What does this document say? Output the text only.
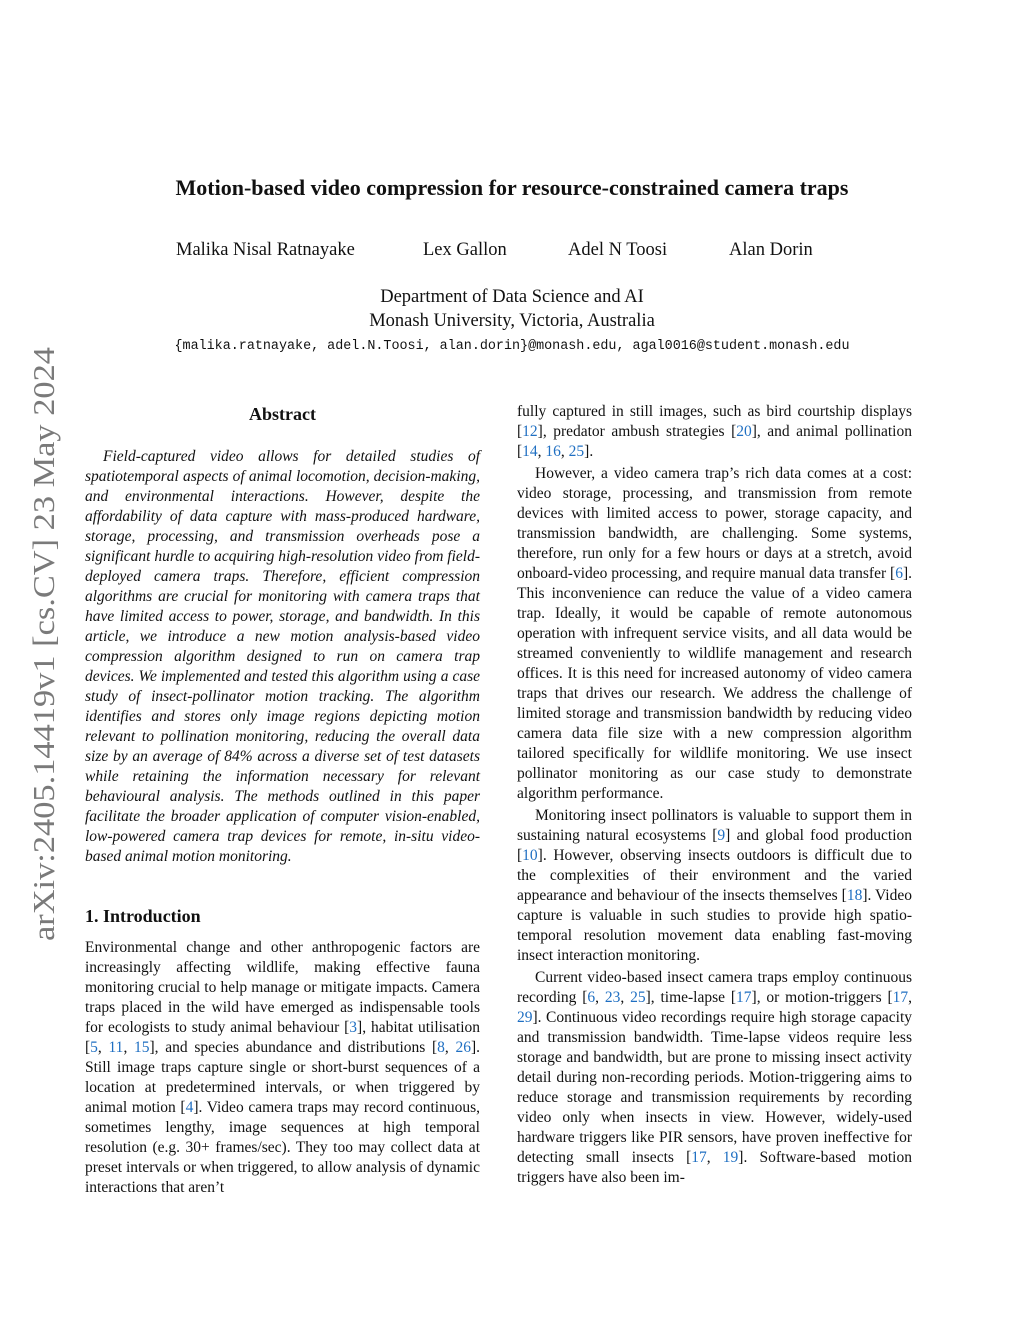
arXiv:2405.14419v1 [cs.CV] 23 May 2024
Motion-based video compression for resource-constrained camera traps
Malika Nisal Ratnayake	Lex Gallon	Adel N Toosi	Alan Dorin
Department of Data Science and AI
Monash University, Victoria, Australia
{malika.ratnayake, adel.N.Toosi, alan.dorin}@monash.edu, agal0016@student.monash.edu
Abstract

Field-captured video allows for detailed studies of spatiotemporal aspects of animal locomotion, decision-making, and environmental interactions. However, despite the affordability of data capture with mass-produced hardware, storage, processing, and transmission overheads pose a significant hurdle to acquiring high-resolution video from field-deployed camera traps. Therefore, efficient compression algorithms are crucial for monitoring with camera traps that have limited access to power, storage, and bandwidth. In this article, we introduce a new motion analysis-based video compression algorithm designed to run on camera trap devices. We implemented and tested this algorithm using a case study of insect-pollinator motion tracking. The algorithm identifies and stores only image regions depicting motion relevant to pollination monitoring, reducing the overall data size by an average of 84% across a diverse set of test datasets while retaining the information necessary for relevant behavioural analysis. The methods outlined in this paper facilitate the broader application of computer vision-enabled, low-powered camera trap devices for remote, in-situ video-based animal motion monitoring.

1. Introduction

Environmental change and other anthropogenic factors are increasingly affecting wildlife, making effective fauna monitoring crucial to help manage or mitigate impacts. Camera traps placed in the wild have emerged as indispensable tools for ecologists to study animal behaviour [3], habitat utilisation [5, 11, 15], and species abundance and distributions [8, 26]. Still image traps capture single or short-burst sequences of a location at predetermined intervals, or when triggered by animal motion [4]. Video camera traps may record continuous, sometimes lengthy, image sequences at high temporal resolution (e.g. 30+ frames/sec). They too may collect data at preset intervals or when triggered, to allow analysis of dynamic interactions that aren’t

fully captured in still images, such as bird courtship displays [12], predator ambush strategies [20], and animal pollination [14, 16, 25].

However, a video camera trap’s rich data comes at a cost: video storage, processing, and transmission from remote devices with limited access to power, storage capacity, and transmission bandwidth, are challenging. Some systems, therefore, run only for a few hours or days at a stretch, avoid onboard-video processing, and require manual data transfer [6]. This inconvenience can reduce the value of a video camera trap. Ideally, it would be capable of remote autonomous operation with infrequent service visits, and all data would be streamed conveniently to wildlife management and research offices. It is this need for increased autonomy of video camera traps that drives our research. We address the challenge of limited storage and transmission bandwidth by reducing video camera data file size with a new compression algorithm tailored specifically for wildlife monitoring. We use insect pollinator monitoring as our case study to demonstrate algorithm performance.

Monitoring insect pollinators is valuable to support them in sustaining natural ecosystems [9] and global food production [10]. However, observing insects outdoors is difficult due to the complexities of their environment and the varied appearance and behaviour of the insects themselves [18]. Video capture is valuable in such studies to provide high spatio-temporal resolution movement data enabling fast-moving insect interaction monitoring.

Current video-based insect camera traps employ continuous recording [6, 23, 25], time-lapse [17], or motion-triggers [17, 29]. Continuous video recordings require high storage capacity and transmission bandwidth. Time-lapse videos require less storage and bandwidth, but are prone to missing insect activity detail during non-recording periods. Motion-triggering aims to reduce storage and transmission requirements by recording video only when insects in view. However, widely-used hardware triggers like PIR sensors, have proven ineffective for detecting small insects [17, 19]. Software-based motion triggers have also been im-
